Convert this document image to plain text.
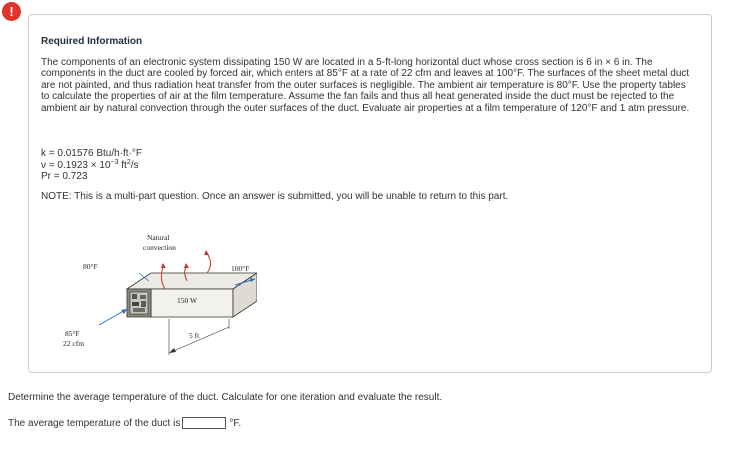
!
Required Information

The components of an electronic system dissipating 150 W are located in a 5-ft-long horizontal duct whose cross section is 6 in × 6 in. The components in the duct are cooled by forced air, which enters at 85°F at a rate of 22 cfm and leaves at 100°F. The surfaces of the sheet metal duct are not painted, and thus radiation heat transfer from the outer surfaces is negligible. The ambient air temperature is 80°F. Use the property tables to calculate the properties of air at the film temperature. Assume the fan fails and thus all heat generated inside the duct must be rejected to the ambient air by natural convection through the outer surfaces of the duct. Evaluate air properties at a film temperature of 120°F and 1 atm pressure.

k = 0.01576 Btu/h·ft·°F
$\nu = 0.1923 \times 10^{-3}$ $ft^2/s$
Pr = 0.723
NOTE: This is a multi-part question. Once an answer is submitted, you will be unable to return to this part.
Natural
convection
80°F	100°F
150 W
5 ft
85°F
22 cfm
Determine the average temperature of the duct. Calculate for one iteration and evaluate the result.
The average temperature of the duct is	°F.
